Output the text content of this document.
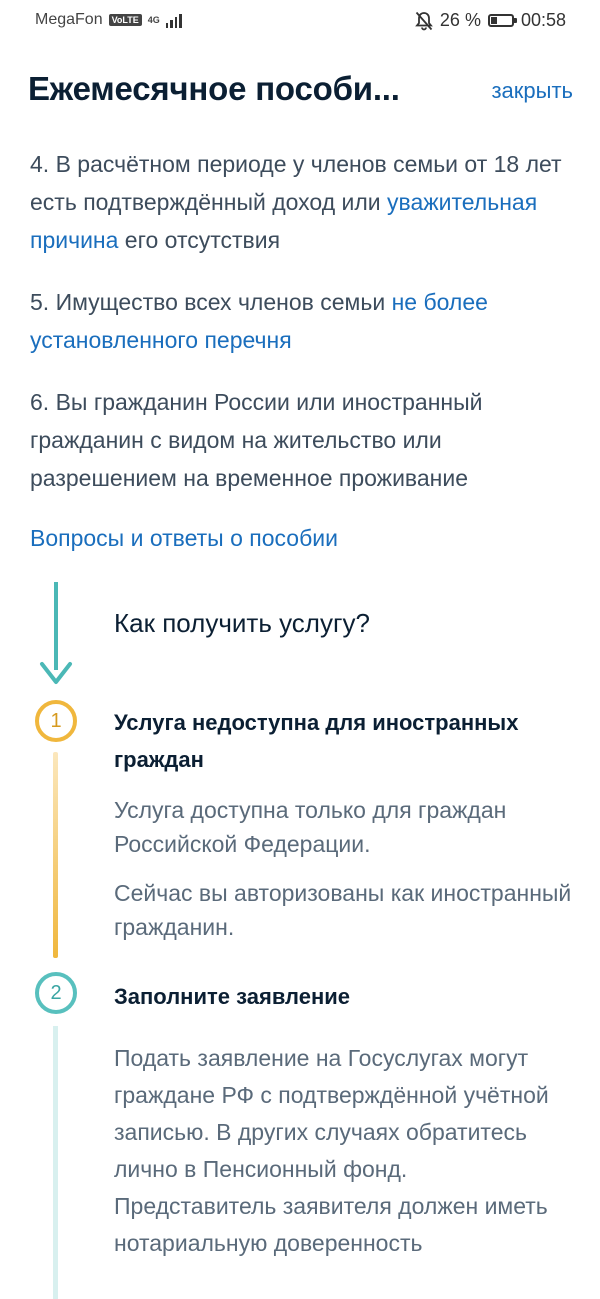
MegaFon	VoLTE	4G	26 % 00:58
Ежемесячное пособи...	закрыть

4. В расчётном периоде у членов семьи от 18 лет есть подтверждённый доход или уважительная причина его отсутствия

5. Имущество всех членов семьи не более установленного перечня

6. Вы гражданин России или иностранный гражданин с видом на жительство или разрешением на временное проживание

Вопросы и ответы о пособии
Как получить услугу?
1	Услуга недоступна для иностранных граждан
Услуга доступна только для граждан Российской Федерации.
Сейчас вы авторизованы как иностранный гражданин.
2	Заполните заявление
Подать заявление на Госуслугах могут граждане РФ с подтверждённой учётной записью. В других случаях обратитесь лично в Пенсионный фонд. Представитель заявителя должен иметь нотариальную доверенность
